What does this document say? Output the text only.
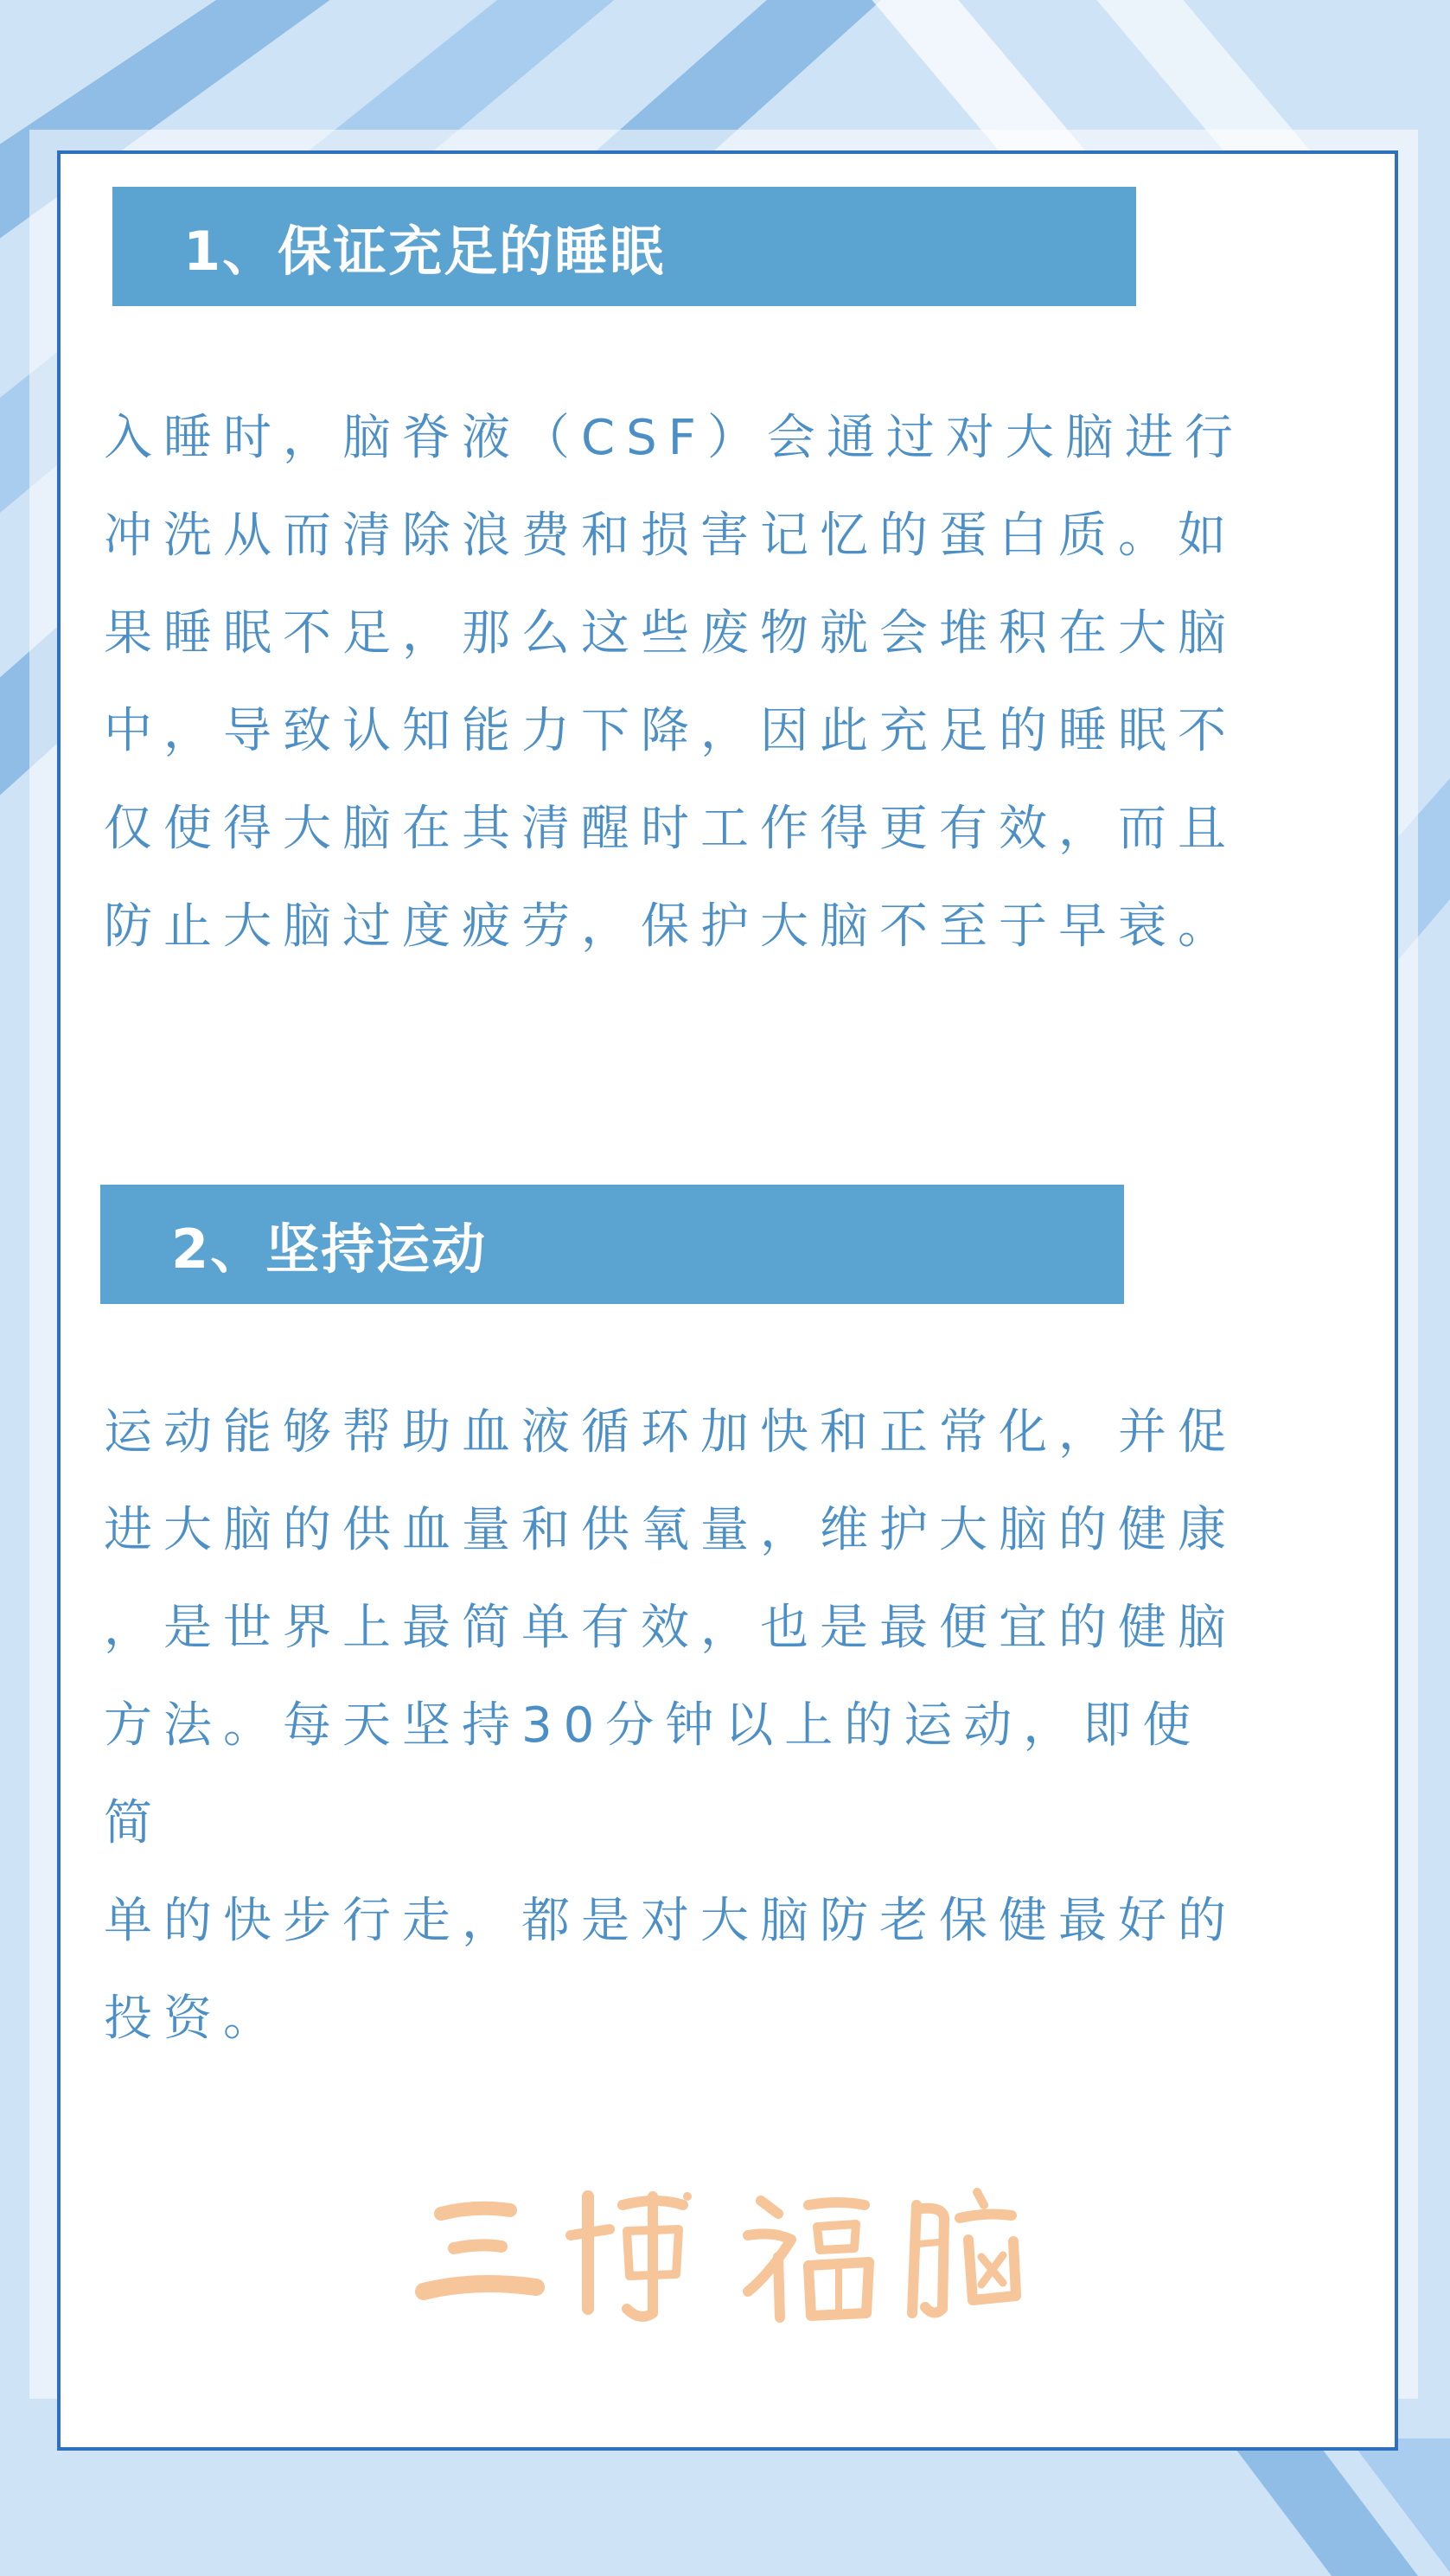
1、保证充足的睡眠

入睡时，脑脊液（CSF）会通过对大脑进行
冲洗从而清除浪费和损害记忆的蛋白质。如
果睡眠不足，那么这些废物就会堆积在大脑
中，导致认知能力下降，因此充足的睡眠不
仅使得大脑在其清醒时工作得更有效，而且
防止大脑过度疲劳，保护大脑不至于早衰。

2、坚持运动

运动能够帮助血液循环加快和正常化，并促
进大脑的供血量和供氧量，维护大脑的健康
，是世界上最简单有效，也是最便宜的健脑
方法。每天坚持30分钟以上的运动，即使简
单的快步行走，都是对大脑防老保健最好的
投资。
